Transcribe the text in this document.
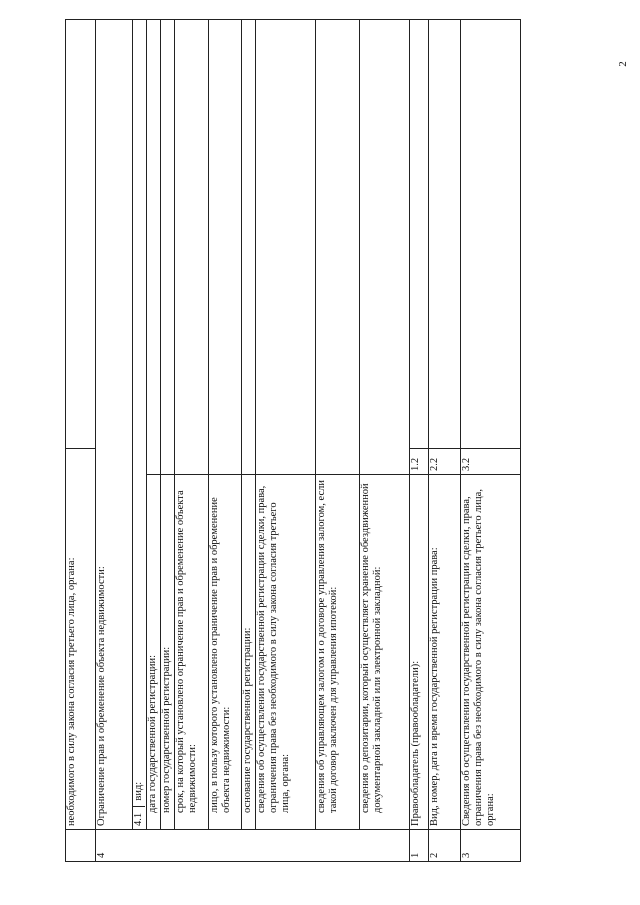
2
	необходимого в силу закона согласия третьего лица, органа:		
4	Ограничение прав и обременение объекта недвижимости:		
	4.1  вид:		
	дата государственной регистрации:		
	номер государственной регистрации:		
	срок, на который установлено ограничение прав и обременение объекта недвижимости:		
	лицо, в пользу которого установлено ограничение прав и обременение объекта недвижимости:		
	основание государственной регистрации:		
	сведения об осуществлении государственной регистрации сделки, права, ограничения права без необходимого в силу закона согласия третьего лица, органа:		
	сведения об управляющем залогом и о договоре управления залогом, если такой договор заключен для управления ипотекой:		
	сведения о депозитарии, который осуществляет хранение обездвиженной документарной закладной или электронной закладной:		
1	Правообладатель (правообладатели):	1.2	
2	Вид, номер, дата и время государственной регистрации права:	2.2	
3	Сведения об осуществлении государственной регистрации сделки, права, ограничения права без необходимого в силу закона согласия третьего лица, органа:	3.2	
